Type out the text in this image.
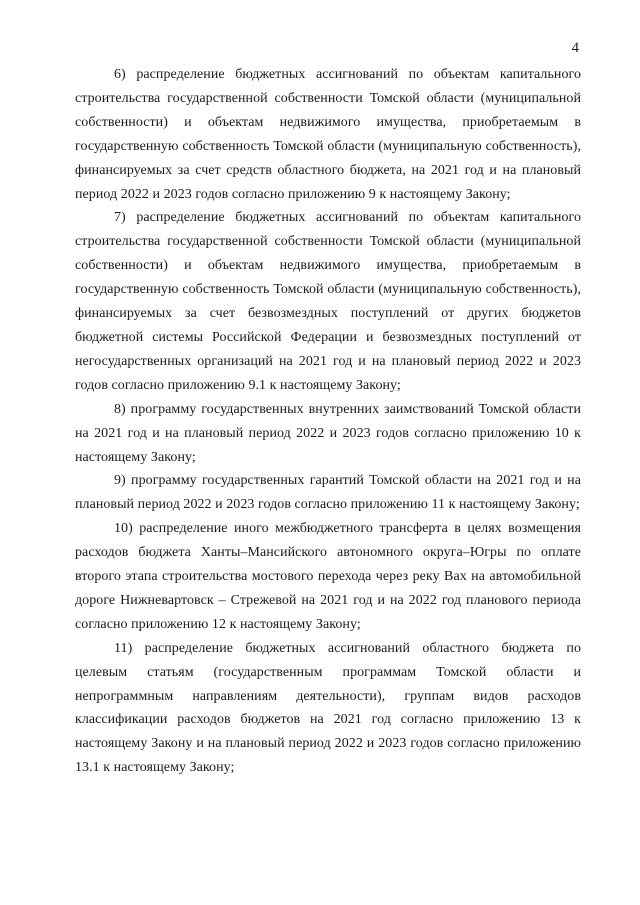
4

6) распределение бюджетных ассигнований по объектам капитального строительства государственной собственности Томской области (муниципальной собственности) и объектам недвижимого имущества, приобретаемым в государственную собственность Томской области (муниципальную собственность), финансируемых за счет средств областного бюджета, на 2021 год и на плановый период 2022 и 2023 годов согласно приложению 9 к настоящему Закону;

7) распределение бюджетных ассигнований по объектам капитального строительства государственной собственности Томской области (муниципальной собственности) и объектам недвижимого имущества, приобретаемым в государственную собственность Томской области (муниципальную собственность), финансируемых за счет безвозмездных поступлений от других бюджетов бюджетной системы Российской Федерации и безвозмездных поступлений от негосударственных организаций на 2021 год и на плановый период 2022 и 2023 годов согласно приложению 9.1 к настоящему Закону;

8) программу государственных внутренних заимствований Томской области на 2021 год и на плановый период 2022 и 2023 годов согласно приложению 10 к настоящему Закону;

9) программу государственных гарантий Томской области на 2021 год и на плановый период 2022 и 2023 годов согласно приложению 11 к настоящему Закону;

10) распределение иного межбюджетного трансферта в целях возмещения расходов бюджета Ханты–Мансийского автономного округа–Югры по оплате второго этапа строительства мостового перехода через реку Вах на автомобильной дороге Нижневартовск – Стрежевой на 2021 год и на 2022 год планового периода согласно приложению 12 к настоящему Закону;

11) распределение бюджетных ассигнований областного бюджета по целевым статьям (государственным программам Томской области и непрограммным направлениям деятельности), группам видов расходов классификации расходов бюджетов на 2021 год согласно приложению 13 к настоящему Закону и на плановый период 2022 и 2023 годов согласно приложению 13.1 к настоящему Закону;
